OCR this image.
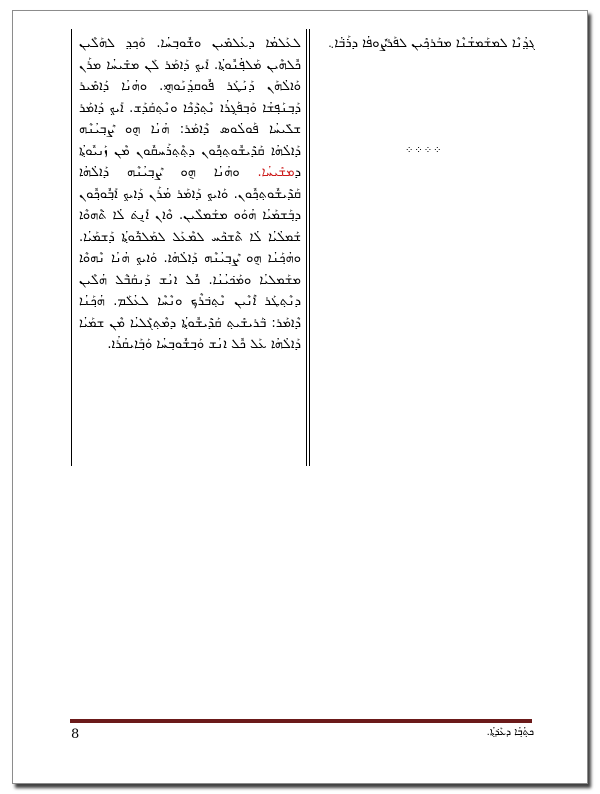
ܓܕ݂ܳܢܶܐ ܠܡܫܰܡܫܳܢܶܐ ܡܒܰܪܟ݂ܺܝܢ ܠܦܰܪܨܽܘܦܳܐ ܕܪܰܒ݁ܳܐ܆

⁘⁘⁘⁘

ܠܥܰܠܡܳܐ ܕܥܳܠܡܺܝܢ ܘܫܽܘܒ݂ܚܳܐ. ܘܰܟ݂ܕ݂ ܠܗܰܠܶܝܢ ܟܽܠܗܶܝܢ ܡܰܠܦ݂ܳܢܽܘܬ݂ܳܐ. ܐܰܝܟ݂ ܕܰܐܡܰܪ ܠܰܢ ܡܫܺܝܚܳܐ ܡܪܰܢ ܘܰܐܠܳܗܰܢ ܕܰܢܰܛܰܪ ܦܽܘܩܕ݂ܳܢܰܘܗ݈ܝ. ܘܗܳܢܳܐ ܕܰܐܡܺܝܪ ܕܰܒ݂ܢܰܦ݂ܫܳܐ ܘܰܒ݂ܦܰܓ݂ܪܳܐ ܢܶܬ݂ܕ݁ܰܟܶܐ ܘܢܶܬ݂ܩܰܕܰܫ. ܐܰܝܟ݂ ܕܰܐܡܰܪ ܫܠܺܝܚܳܐ ܦܰܘܠܳܘܣ ܕܶܐܡܰܪ: ܗܳܢܳܐ ܗ݈ܘ ܨܶܒ݂ܝܳܢܶܗ ܕܰܐܠܳܗܳܐ ܩܰܕ݁ܺܝܫܽܘܬ݂ܟ݂ܽܘܢ ܕܬ݂ܶܬ݂ܪܰܚܩܽܘܢ ܡܶܢ ܙܰܢܝܽܘܬ݂ܳܐ ܕܡܫܺܝܚܳܐ. ܘܗܳܢܳܐ ܗ݈ܘ ܨܶܒ݂ܝܳܢܶܗ ܕܰܐܠܳܗܳܐ ܩܰܕ݁ܺܝܫܽܘܬ݂ܟ݂ܽܘܢ. ܘܰܐܝܟ݂ ܕܰܐܡܰܪ ܡܳܪܰܢ ܕܰܐܝܟ݂ ܐܰܒ݂ܽܘܟ݂ܽܘܢ ܕܒ݂ܰܫܡܰܝܳܐ ܗܳܘܰܘ ܡܫܰܡܠܶܝܢ. ܘܶܐܢ ܐܰܢ݈ܬ݁ ܠܳܐ ܬ݁ܶܗܘܶܐ ܫܰܡܠܳܝܳܐ ܠܳܐ ܬ݁ܶܫܟ݁ܰܚ ܠܡܶܥܰܠ ܠܡܰܠܟ݁ܽܘܬ݂ܳܐ ܕܰܫܡܰܝܳܐ. ܘܗܳܟ݂ܰܢܳܐ ܗ݈ܘ ܨܶܒ݂ܝܳܢܶܗ ܕܰܐܠܳܗܳܐ. ܘܰܐܝܟ݂ ܗܳܢܳܐ ܢܶܗܘܶܐ ܡܫܰܡܠܝܳܐ ܘܡܰܟ݁ܝܳܢܳܐ. ܟܽܠ ܐܢܳܫ ܕܰܢܩܰܒ݁ܶܠ ܗܳܠܶܝܢ ܕܢܶܬ݂ܛܰܪ ܐܶܢܶܝܢ ܢܶܬ݂ܒ݁ܪܶܟ݂ ܘܢܶܚܶܐ ܠܥܳܠܰܡ. ܗܳܟ݂ܰܢܳܐ ܕܶܐܡܰܪ: ܒ݁ܰܪܝܫܺܝܬ݂ ܩܰܕ݁ܺܝܫܽܘܬ݂ܳܐ ܕܡܶܬ݂ܓ݁ܰܠܝܳܐ ܡܶܢ ܫܡܰܝܳܐ ܕܰܐܠܳܗܳܐ ܥܰܠ ܟܽܠ ܐܢܳܫ ܘܰܒ݂ܫܽܘܒ݂ܚܳܐ ܘܰܒ݂ܰܐܝܩܳܪܳܐ.

8	ܟܬ݂ܳܒ݂ܳܐ ܕܥܶܕ݁ܬ݂ܳܐ.
